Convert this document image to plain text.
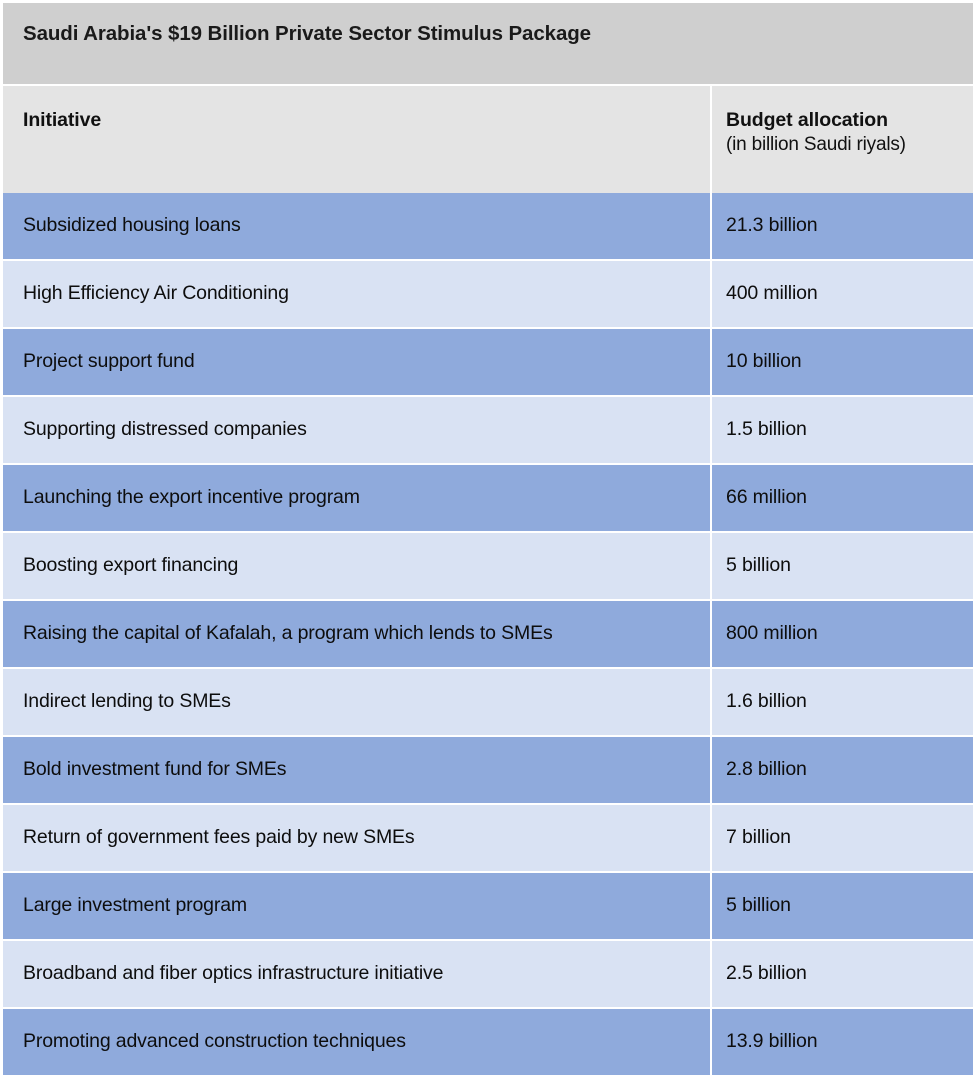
Saudi Arabia's $19 Billion Private Sector Stimulus Package	

Initiative	Budget allocation
(in billion Saudi riyals)

Subsidized housing loans	21.3 billion
High Efficiency Air Conditioning	400 million
Project support fund	10 billion
Supporting distressed companies	1.5 billion
Launching the export incentive program	66 million
Boosting export financing	5 billion
Raising the capital of Kafalah, a program which lends to SMEs	800 million
Indirect lending to SMEs	1.6 billion
Bold investment fund for SMEs	2.8 billion
Return of government fees paid by new SMEs	7 billion
Large investment program	5 billion
Broadband and fiber optics infrastructure initiative	2.5 billion
Promoting advanced construction techniques	13.9 billion
